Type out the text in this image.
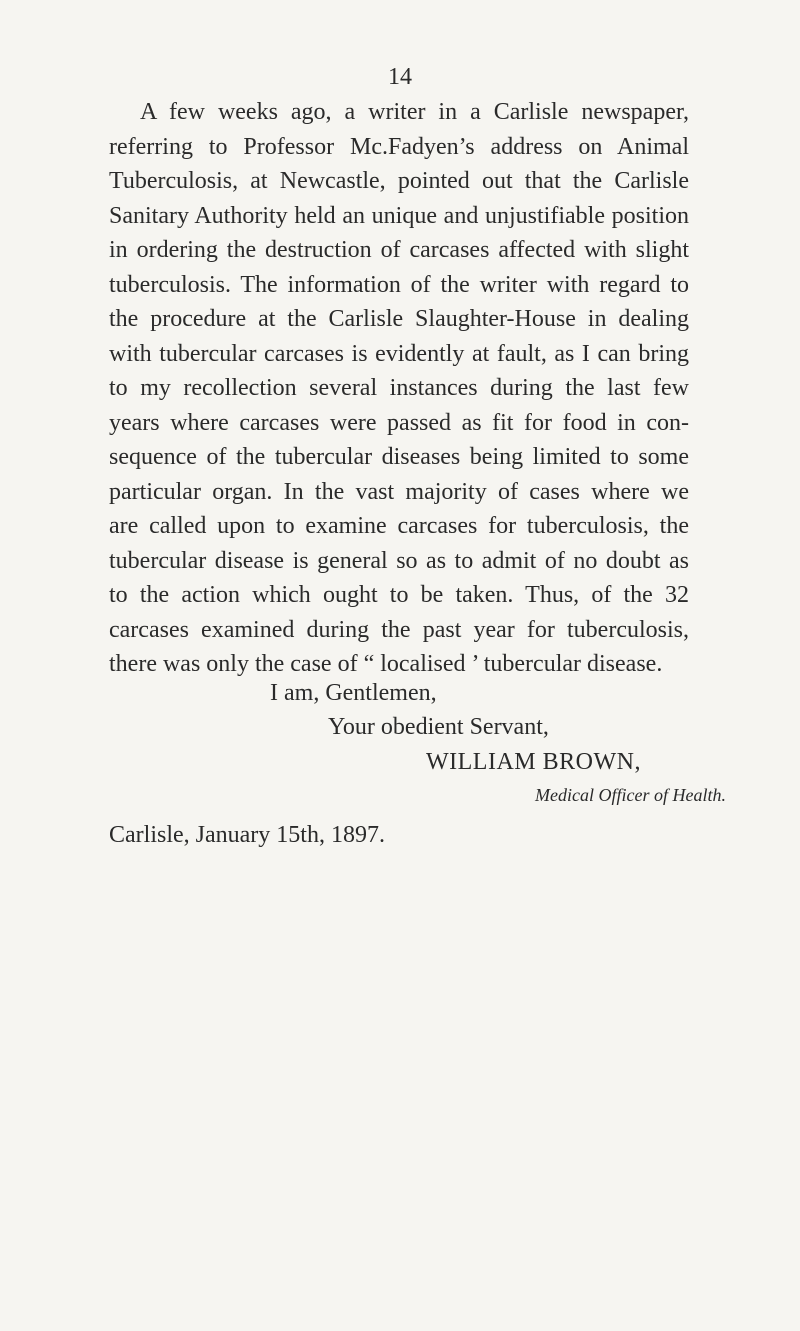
14
A few weeks ago, a writer in a Carlisle newspaper,
referring to Professor Mc.Fadyen’s address on Animal
Tuberculosis, at Newcastle, pointed out that the Carlisle
Sanitary Authority held an unique and unjustifiable position
in ordering the destruction of carcases affected with slight
tuberculosis. The information of the writer with regard to
the procedure at the Carlisle Slaughter-House in dealing
with tubercular carcases is evidently at fault, as I can bring
to my recollection several instances during the last few
years where carcases were passed as fit for food in con-
sequence of the tubercular diseases being limited to some
particular organ. In the vast majority of cases where we
are called upon to examine carcases for tuberculosis, the
tubercular disease is general so as to admit of no doubt as
to the action which ought to be taken. Thus, of the 32
carcases examined during the past year for tuberculosis,
there was only the case of “ localised ’ tubercular disease.
I am, Gentlemen,
Your obedient Servant,
WILLIAM BROWN,
Medical Officer of Health.
Carlisle, January 15th, 1897.
